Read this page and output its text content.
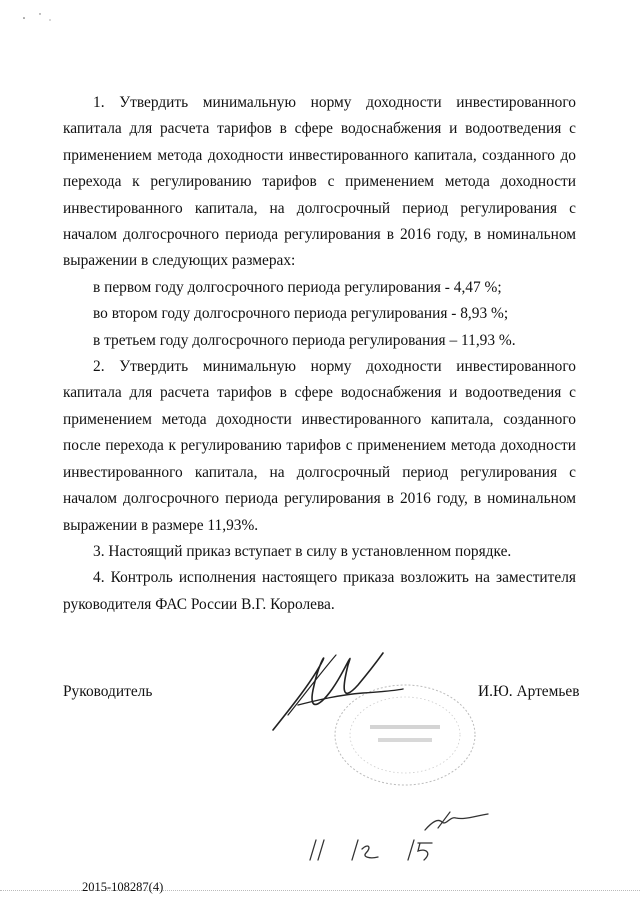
1. Утвердить минимальную норму доходности инвестированного капитала для расчета тарифов в сфере водоснабжения и водоотведения с применением метода доходности инвестированного капитала, созданного до перехода к регулированию тарифов с применением метода доходности инвестированного капитала, на долгосрочный период регулирования с началом долгосрочного периода регулирования в 2016 году, в номинальном выражении в следующих размерах:

в первом году долгосрочного периода регулирования - 4,47 %;

во втором году долгосрочного периода регулирования - 8,93 %;

в третьем году долгосрочного периода регулирования – 11,93 %.

2. Утвердить минимальную норму доходности инвестированного капитала для расчета тарифов в сфере водоснабжения и водоотведения с применением метода доходности инвестированного капитала, созданного после перехода к регулированию тарифов с применением метода доходности инвестированного капитала, на долгосрочный период регулирования с началом долгосрочного периода регулирования в 2016 году, в номинальном выражении в размере 11,93%.

3. Настоящий приказ вступает в силу в установленном порядке.

4. Контроль исполнения настоящего приказа возложить на заместителя руководителя ФАС России В.Г. Королева.

Руководитель	И.Ю. Артемьев
2015-108287(4)
